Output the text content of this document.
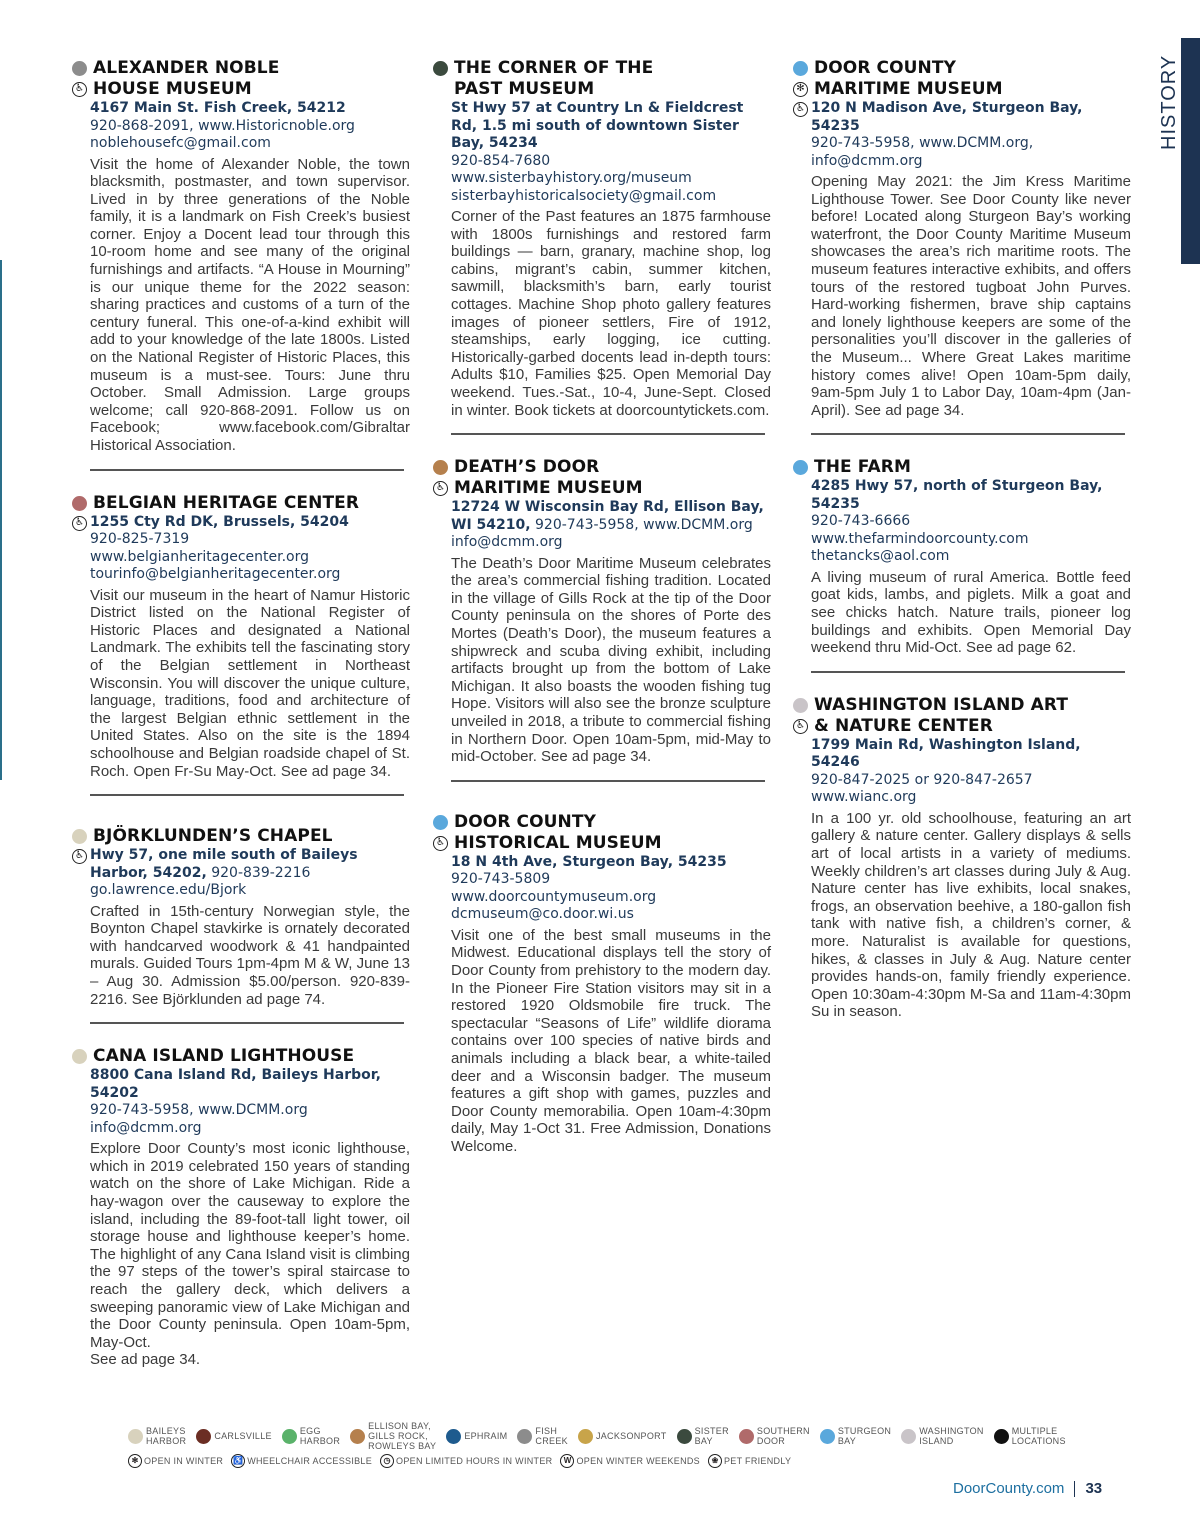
HISTORY
ALEXANDER NOBLE
♿ HOUSE MUSEUM
4167 Main St. Fish Creek, 54212
920-868-2091, www.Historicnoble.org
noblehousefc@gmail.com
Visit the home of Alexander Noble, the town blacksmith, postmaster, and town supervisor. Lived in by three generations of the Noble family, it is a landmark on Fish Creek’s busiest corner. Enjoy a Docent lead tour through this 10-room home and see many of the original furnishings and artifacts. “A House in Mourning” is our unique theme for the 2022 season: sharing practices and customs of a turn of the century funeral. This one-of-a-kind exhibit will add to your knowledge of the late 1800s. Listed on the National Register of Historic Places, this museum is a must-see. Tours: June thru October. Small Admission. Large groups welcome; call 920-868-2091. Follow us on Facebook; www.facebook.com/Gibraltar Historical Association.
BELGIAN HERITAGE CENTER
♿ 1255 Cty Rd DK, Brussels, 54204
920-825-7319
www.belgianheritagecenter.org
tourinfo@belgianheritagecenter.org
Visit our museum in the heart of Namur Historic District listed on the National Register of Historic Places and designated a National Landmark. The exhibits tell the fascinating story of the Belgian settlement in Northeast Wisconsin. You will discover the unique culture, language, traditions, food and architecture of the largest Belgian ethnic settlement in the United States. Also on the site is the 1894 schoolhouse and Belgian roadside chapel of St. Roch. Open Fr-Su May-Oct. See ad page 34.
BJÖRKLUNDEN’S CHAPEL
♿ Hwy 57, one mile south of Baileys Harbor, 54202, 920-839-2216
go.lawrence.edu/Bjork
Crafted in 15th-century Norwegian style, the Boynton Chapel stavkirke is ornately decorated with handcarved woodwork & 41 handpainted murals. Guided Tours 1pm-4pm M & W, June 13 – Aug 30. Admission $5.00/person. 920-839-2216. See Björklunden ad page 74.
CANA ISLAND LIGHTHOUSE
8800 Cana Island Rd, Baileys Harbor, 54202
920-743-5958, www.DCMM.org
info@dcmm.org
Explore Door County’s most iconic lighthouse, which in 2019 celebrated 150 years of standing watch on the shore of Lake Michigan. Ride a hay-wagon over the causeway to explore the island, including the 89-foot-tall light tower, oil storage house and lighthouse keeper’s home. The highlight of any Cana Island visit is climbing the 97 steps of the tower’s spiral staircase to reach the gallery deck, which delivers a sweeping panoramic view of Lake Michigan and the Door County peninsula. Open 10am-5pm, May-Oct.
See ad page 34.
THE CORNER OF THE
PAST MUSEUM
St Hwy 57 at Country Ln & Fieldcrest Rd, 1.5 mi south of downtown Sister Bay, 54234
920-854-7680
www.sisterbayhistory.org/museum
sisterbayhistoricalsociety@gmail.com
Corner of the Past features an 1875 farmhouse with 1800s furnishings and restored farm buildings — barn, granary, machine shop, log cabins, migrant’s cabin, summer kitchen, sawmill, blacksmith’s barn, early tourist cottages. Machine Shop photo gallery features images of pioneer settlers, Fire of 1912, steamships, early logging, ice cutting. Historically-garbed docents lead in-depth tours: Adults $10, Families $25. Open Memorial Day weekend. Tues.-Sat., 10-4, June-Sept. Closed in winter. Book tickets at doorcountytickets.com.
DEATH’S DOOR
♿ MARITIME MUSEUM
12724 W Wisconsin Bay Rd, Ellison Bay, WI 54210, 920-743-5958, www.DCMM.org
info@dcmm.org
The Death’s Door Maritime Museum celebrates the area’s commercial fishing tradition. Located in the village of Gills Rock at the tip of the Door County peninsula on the shores of Porte des Mortes (Death’s Door), the museum features a shipwreck and scuba diving exhibit, including artifacts brought up from the bottom of Lake Michigan. It also boasts the wooden fishing tug Hope. Visitors will also see the bronze sculpture unveiled in 2018, a tribute to commercial fishing in Northern Door. Open 10am-5pm, mid-May to mid-October. See ad page 34.
DOOR COUNTY
♿ HISTORICAL MUSEUM
18 N 4th Ave, Sturgeon Bay, 54235
920-743-5809
www.doorcountymuseum.org
dcmuseum@co.door.wi.us
Visit one of the best small museums in the Midwest. Educational displays tell the story of Door County from prehistory to the modern day. In the Pioneer Fire Station visitors may sit in a restored 1920 Oldsmobile fire truck. The spectacular “Seasons of Life” wildlife diorama contains over 100 species of native birds and animals including a black bear, a white-tailed deer and a Wisconsin badger. The museum features a gift shop with games, puzzles and Door County memorabilia. Open 10am-4:30pm daily, May 1-Oct 31. Free Admission, Donations Welcome.
DOOR COUNTY
✻ MARITIME MUSEUM
♿ 120 N Madison Ave, Sturgeon Bay, 54235
920-743-5958, www.DCMM.org,
info@dcmm.org
Opening May 2021: the Jim Kress Maritime Lighthouse Tower. See Door County like never before! Located along Sturgeon Bay’s working waterfront, the Door County Maritime Museum showcases the area’s rich maritime roots. The museum features interactive exhibits, and offers tours of the restored tugboat John Purves. Hard-working fishermen, brave ship captains and lonely lighthouse keepers are some of the personalities you’ll discover in the galleries of the Museum... Where Great Lakes maritime history comes alive! Open 10am-5pm daily, 9am-5pm July 1 to Labor Day, 10am-4pm (Jan-April). See ad page 34.
THE FARM
4285 Hwy 57, north of Sturgeon Bay, 54235
920-743-6666
www.thefarmindoorcounty.com
thetancks@aol.com
A living museum of rural America. Bottle feed goat kids, lambs, and piglets. Milk a goat and see chicks hatch. Nature trails, pioneer log buildings and exhibits. Open Memorial Day weekend thru Mid-Oct. See ad page 62.
WASHINGTON ISLAND ART
♿ & NATURE CENTER
1799 Main Rd, Washington Island, 54246
920-847-2025 or 920-847-2657
www.wianc.org
In a 100 yr. old schoolhouse, featuring an art gallery & nature center. Gallery displays & sells art of local artists in a variety of mediums. Weekly children’s art classes during July & Aug. Nature center has live exhibits, local snakes, frogs, an observation beehive, a 180-gallon fish tank with native fish, a children’s corner, & more. Naturalist is available for questions, hikes, & classes in July & Aug. Nature center provides hands-on, family friendly experience. Open 10:30am-4:30pm M-Sa and 11am-4:30pm Su in season.
BAILEYS
HARBOR	CARLSVILLE	EGG
HARBOR
ELLISON BAY,
GILLS ROCK,
ROWLEYS BAY
EPHRAIM	FISH
CREEK	JACKSONPORT	SISTER
BAY
SOUTHERN
DOOR
STURGEON
BAY
WASHINGTON
ISLAND
MULTIPLE
LOCATIONS
✻ OPEN IN WINTER ♿ WHEELCHAIR ACCESSIBLE	◷ OPEN LIMITED HOURS IN WINTER	W OPEN WINTER WEEKENDS	❀ PET FRIENDLY
DoorCounty.com 33
